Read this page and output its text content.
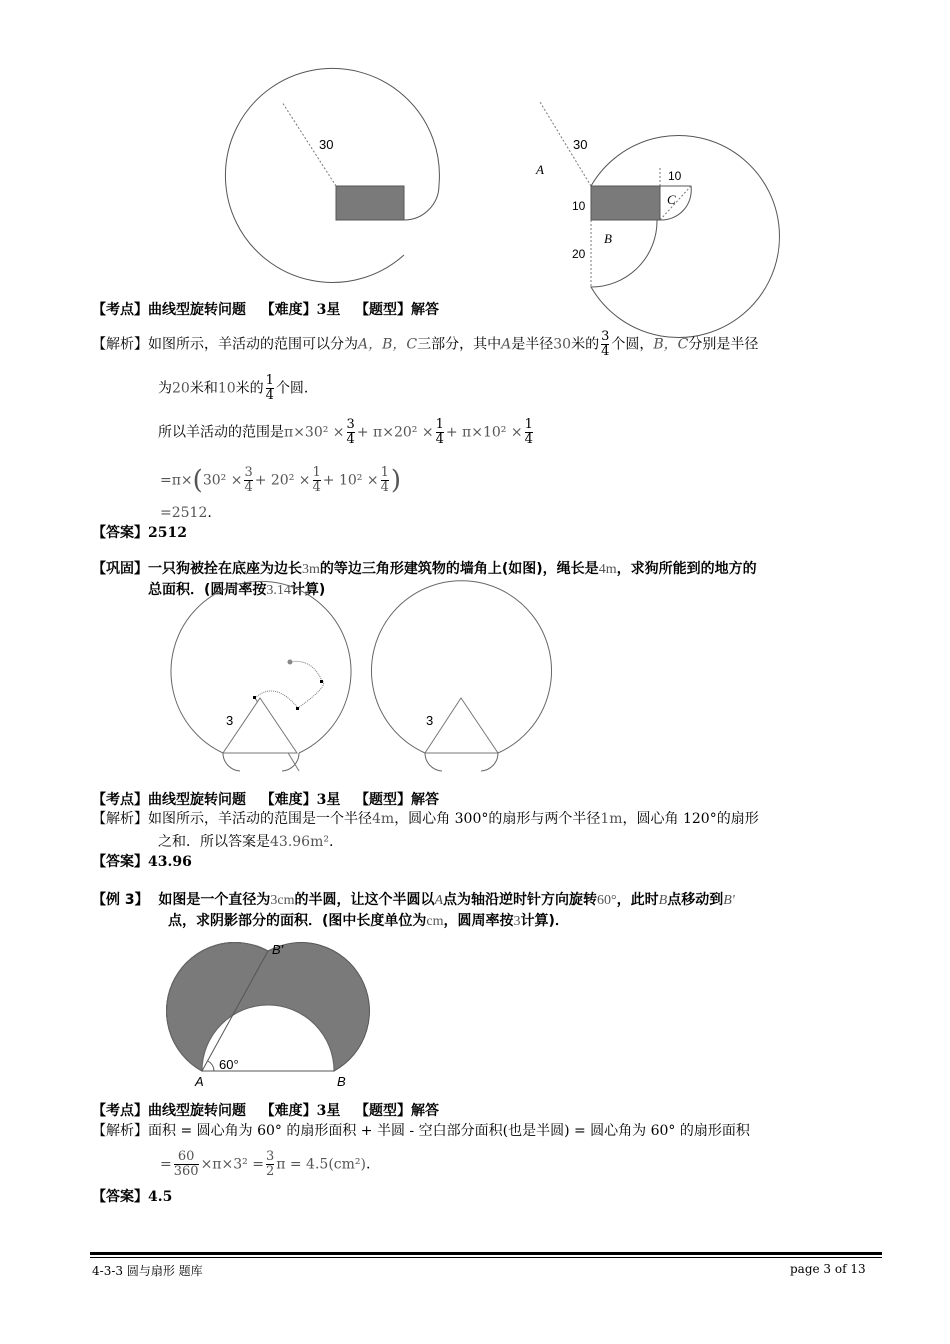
30	30
A	10
C
10
B
20
【考点】曲线型旋转问题 【难度】3星 【题型】解答
【解析】如图所示，羊活动的范围可以分为A，B，C三部分，其中A是半径30米的 $\frac{3}{4}$ 个圆，B，C分别是半径
为20米和10米的 $\frac{1}{4}$ 个圆.
所以羊活动的范围是$\pi\times 30^2 \times \frac{3}{4} + \pi\times 20^2 \times \frac{1}{4} + \pi\times 10^2 \times \frac{1}{4}$
$=\pi\times(30^2 \times \frac{3}{4} + 20^2 \times \frac{1}{4} + 10^2 \times \frac{1}{4}$ )
=2512.
【答案】2512
【巩固】一只狗被拴在底座为边长3m的等边三角形建筑物的墙角上(如图)，绳长是4m，求狗所能到的地方的
总面积．(圆周率按3.14计算)
3	3
【考点】曲线型旋转问题 【难度】3星 【题型】解答
【解析】如图所示，羊活动的范围是一个半径4m，圆心角 300°的扇形与两个半径1m，圆心角 120°的扇形
之和．所以答案是43.96m².
【答案】43.96
【例 3】 如图是一个直径为3cm的半圆，让这个半圆以A点为轴沿逆时针方向旋转60°，此时B点移动到B'
点，求阴影部分的面积．(图中长度单位为cm，圆周率按3计算)．
B'
60°
A	B
【考点】曲线型旋转问题 【难度】3星 【题型】解答
【解析】面积 = 圆心角为 60° 的扇形面积 + 半圆 - 空白部分面积(也是半圆) = 圆心角为 60° 的扇形面积
= $\frac{60}{360} \times\pi\times 3^2 = \frac{3}{2}$ π = 4.5(cm²).
【答案】4.5
4-3-3 圆与扇形 题库	page 3 of 13
